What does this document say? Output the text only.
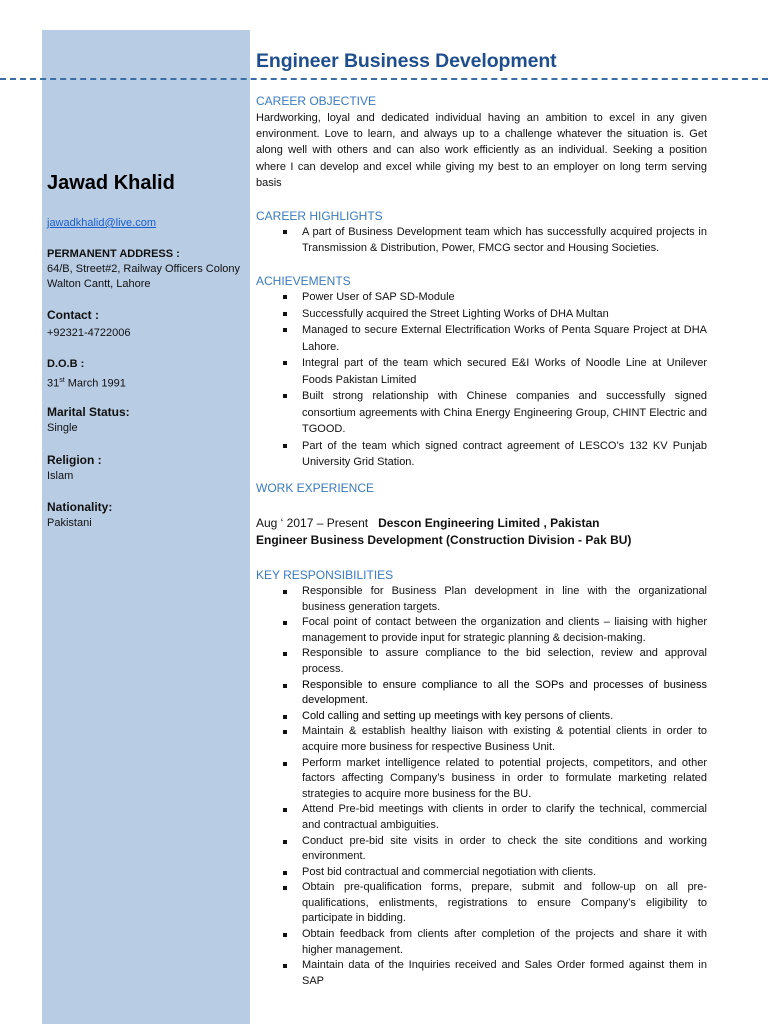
Engineer Business Development
Jawad Khalid
jawadkhalid@live.com
PERMANENT ADDRESS :
64/B, Street#2, Railway Officers Colony
Walton Cantt, Lahore
Contact :
+92321-4722006
D.O.B :
31st March 1991
Marital Status:
Single
Religion :
Islam
Nationality:
Pakistani
CAREER OBJECTIVE
Hardworking, loyal and dedicated individual having an ambition to excel in any given environment. Love to learn, and always up to a challenge whatever the situation is. Get along well with others and can also work efficiently as an individual. Seeking a position where I can develop and excel while giving my best to an employer on long term serving basis
CAREER HIGHLIGHTS
A part of Business Development team which has successfully acquired projects in Transmission & Distribution, Power, FMCG sector and Housing Societies.
ACHIEVEMENTS
Power User of SAP SD-Module
Successfully acquired the Street Lighting Works of DHA Multan
Managed to secure External Electrification Works of Penta Square Project at DHA Lahore.
Integral part of the team which secured E&I Works of Noodle Line at Unilever Foods Pakistan Limited
Built strong relationship with Chinese companies and successfully signed consortium agreements with China Energy Engineering Group, CHINT Electric and TGOOD.
Part of the team which signed contract agreement of LESCO’s 132 KV Punjab University Grid Station.
WORK EXPERIENCE
Aug ‘ 2017 – Present Descon Engineering Limited , Pakistan
Engineer Business Development (Construction Division - Pak BU)
KEY RESPONSIBILITIES
Responsible for Business Plan development in line with the organizational business generation targets.
Focal point of contact between the organization and clients – liaising with higher management to provide input for strategic planning & decision-making.
Responsible to assure compliance to the bid selection, review and approval process.
Responsible to ensure compliance to all the SOPs and processes of business development.
Cold calling and setting up meetings with key persons of clients.
Maintain & establish healthy liaison with existing & potential clients in order to acquire more business for respective Business Unit.
Perform market intelligence related to potential projects, competitors, and other factors affecting Company’s business in order to formulate marketing related strategies to acquire more business for the BU.
Attend Pre-bid meetings with clients in order to clarify the technical, commercial and contractual ambiguities.
Conduct pre-bid site visits in order to check the site conditions and working environment.
Post bid contractual and commercial negotiation with clients.
Obtain pre-qualification forms, prepare, submit and follow-up on all pre-qualifications, enlistments, registrations to ensure Company’s eligibility to participate in bidding.
Obtain feedback from clients after completion of the projects and share it with higher management.
Maintain data of the Inquiries received and Sales Order formed against them in SAP
